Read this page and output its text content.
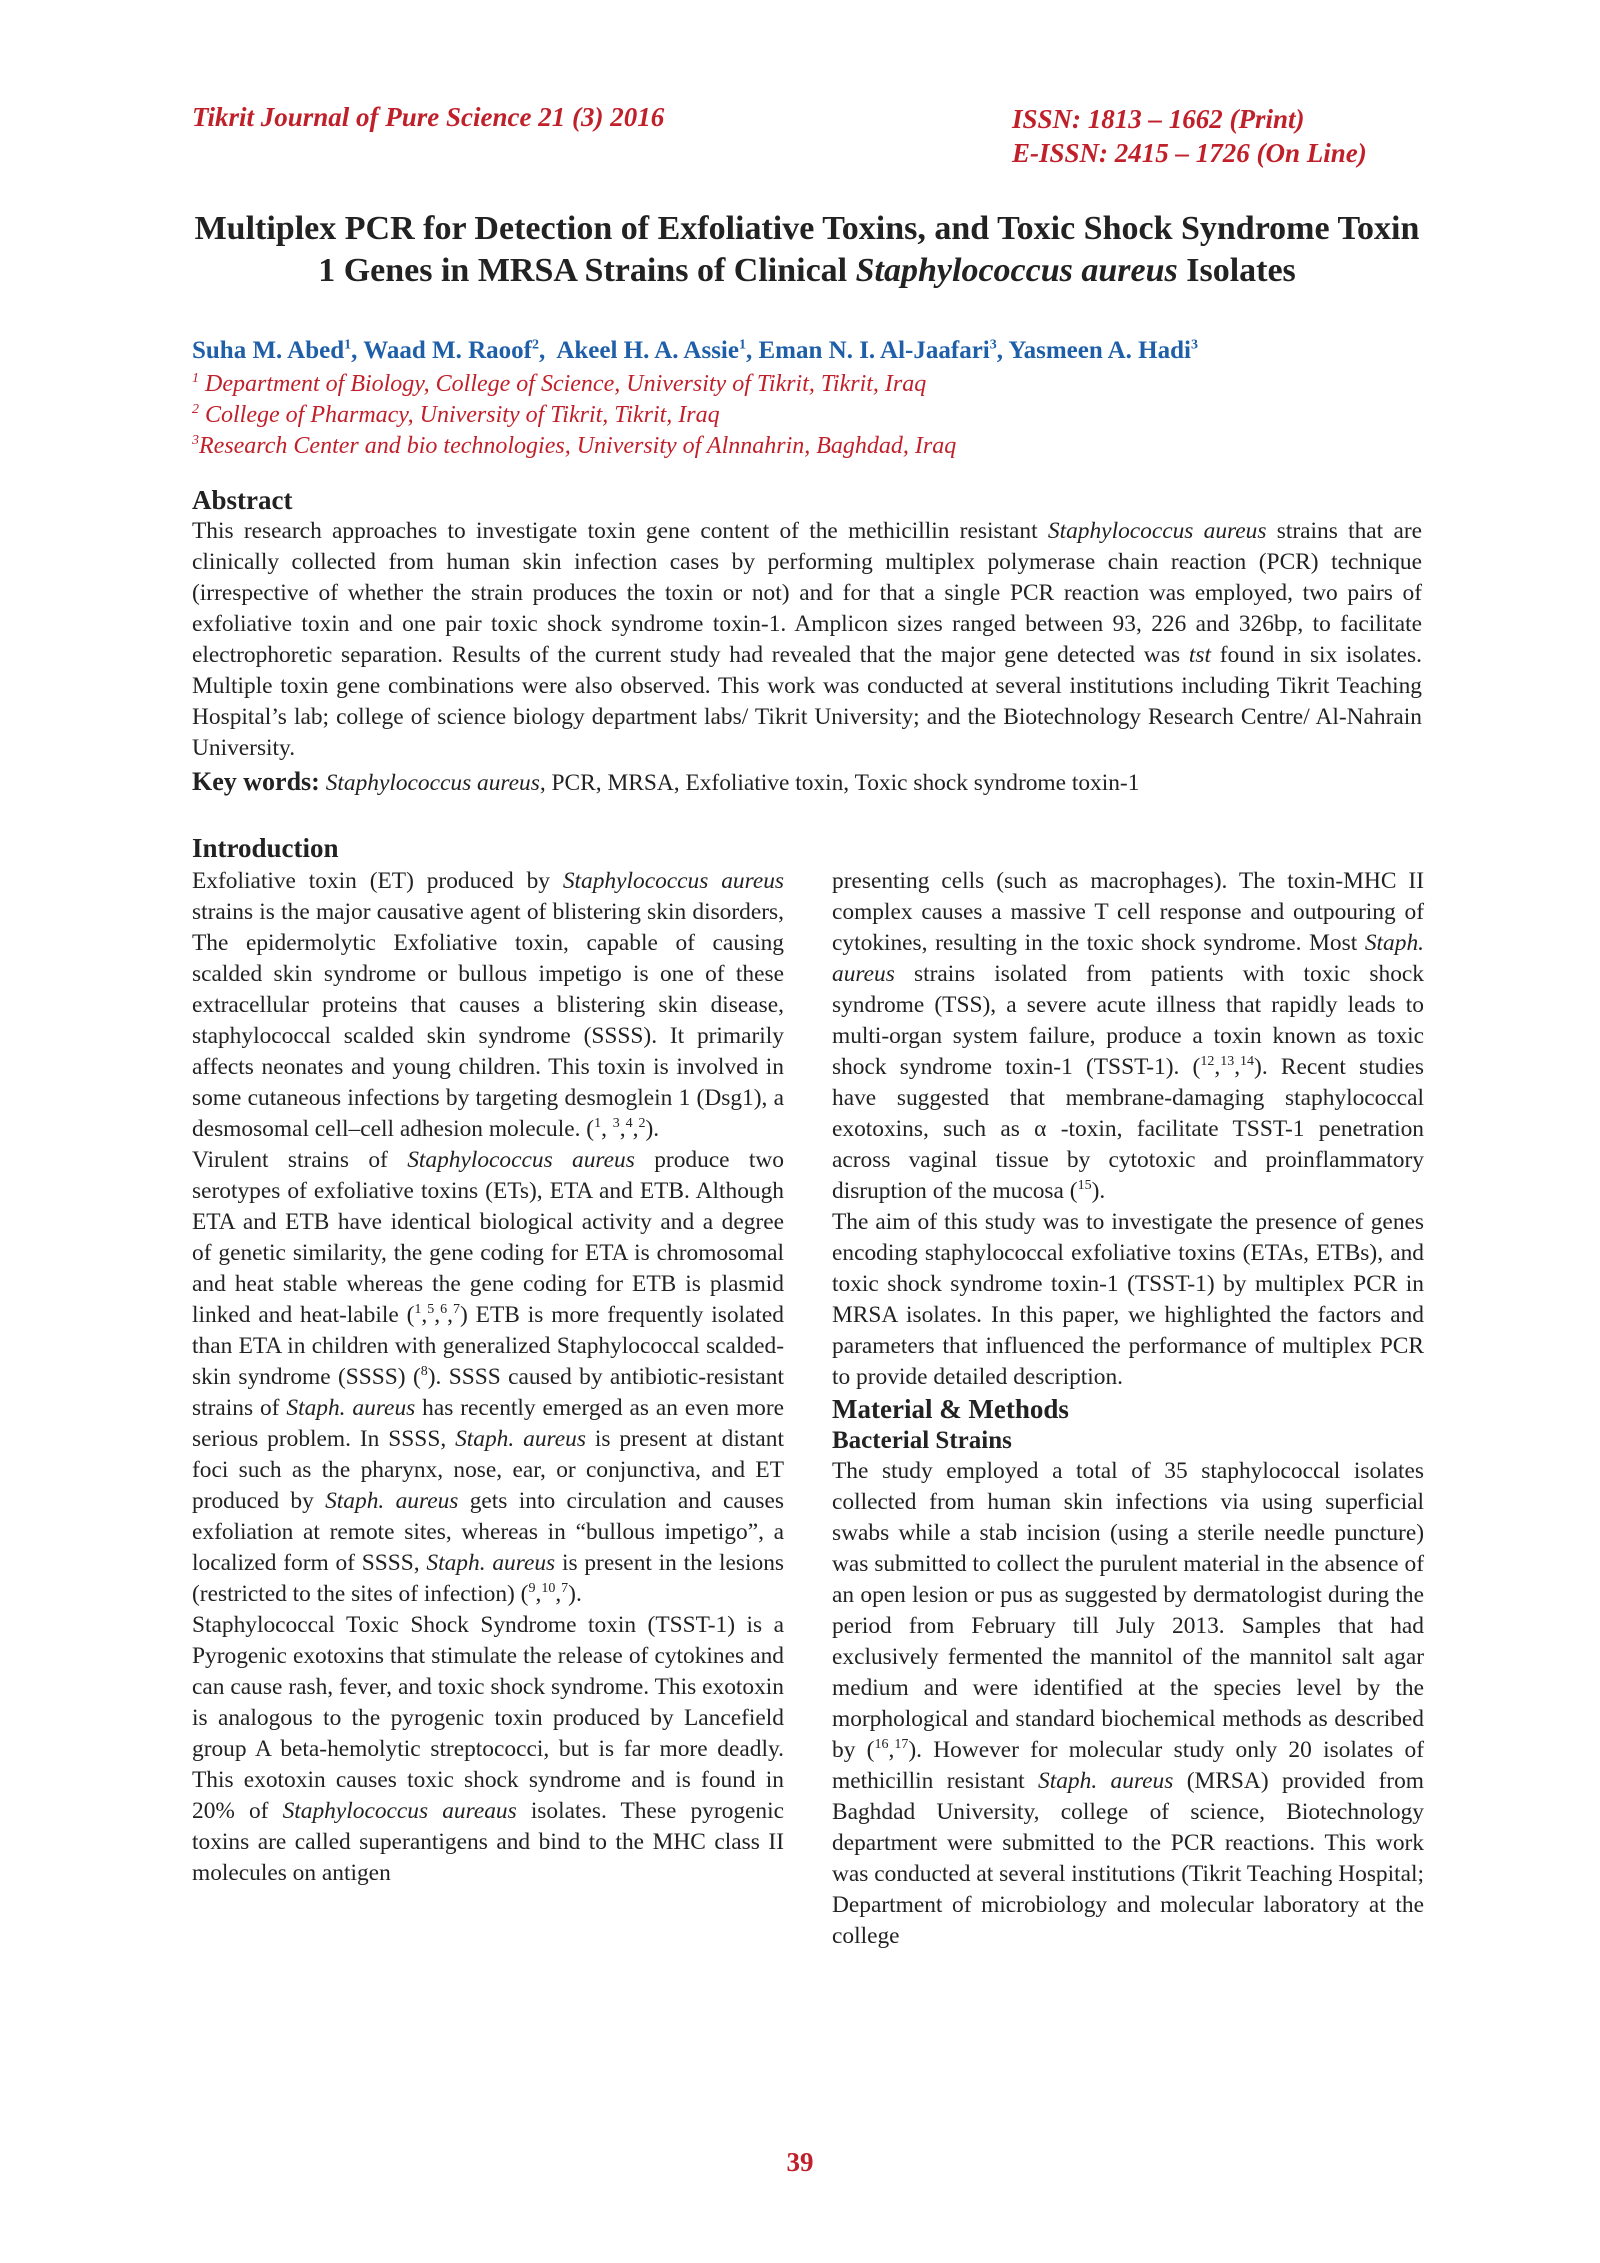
Tikrit Journal of Pure Science 21 (3) 2016	ISSN: 1813 – 1662 (Print)
E-ISSN: 2415 – 1726 (On Line)
Multiplex PCR for Detection of Exfoliative Toxins, and Toxic Shock Syndrome Toxin 1 Genes in MRSA Strains of Clinical Staphylococcus aureus Isolates
Suha M. Abed$^1$, Waad M. Raoof$^2$,  Akeel H. A. Assie$^1$, Eman N. I. Al-Jaafari$^3$, Yasmeen A. Hadi$^3$
$^1$ Department of Biology, College of Science, University of Tikrit, Tikrit, Iraq
$^2$ College of Pharmacy, University of Tikrit, Tikrit, Iraq
$^3$Research Center and bio technologies, University of Alnnahrin, Baghdad, Iraq
Abstract

This research approaches to investigate toxin gene content of the methicillin resistant Staphylococcus aureus strains that are clinically collected from human skin infection cases by performing multiplex polymerase chain reaction (PCR) technique (irrespective of whether the strain produces the toxin or not) and for that a single PCR reaction was employed, two pairs of exfoliative toxin and one pair toxic shock syndrome toxin-1. Amplicon sizes ranged between 93, 226 and 326bp, to facilitate electrophoretic separation. Results of the current study had revealed that the major gene detected was tst found in six isolates. Multiple toxin gene combinations were also observed. This work was conducted at several institutions including Tikrit Teaching Hospital’s lab; college of science biology department labs/ Tikrit University; and the Biotechnology Research Centre/ Al-Nahrain University.

Key words: Staphylococcus aureus, PCR, MRSA, Exfoliative toxin, Toxic shock syndrome toxin-1
Introduction

Exfoliative toxin (ET) produced by Staphylococcus aureus strains is the major causative agent of blistering skin disorders, The epidermolytic Exfoliative toxin, capable of causing scalded skin syndrome or bullous impetigo is one of these extracellular proteins that causes a blistering skin disease, staphylococcal scalded skin syndrome (SSSS). It primarily affects neonates and young children. This toxin is involved in some cutaneous infections by targeting desmoglein 1 (Dsg1), a desmosomal cell–cell adhesion molecule. ($^1$, $^3$,$^4$,$^2$).

Virulent strains of Staphylococcus aureus produce two serotypes of exfoliative toxins (ETs), ETA and ETB. Although ETA and ETB have identical biological activity and a degree of genetic similarity, the gene coding for ETA is chromosomal and heat stable whereas the gene coding for ETB is plasmid linked and heat-labile ($^1$,$^5$,$^6$,$^7$) ETB is more frequently isolated than ETA in children with generalized Staphylococcal scalded-skin syndrome (SSSS) ($^8$). SSSS caused by antibiotic-resistant strains of Staph. aureus has recently emerged as an even more serious problem. In SSSS, Staph. aureus is present at distant foci such as the pharynx, nose, ear, or conjunctiva, and ET produced by Staph. aureus gets into circulation and causes exfoliation at remote sites, whereas in “bullous impetigo”, a localized form of SSSS, Staph. aureus is present in the lesions (restricted to the sites of infection) ($^9$,$^{10}$,$^7$).

Staphylococcal Toxic Shock Syndrome toxin (TSST-1) is a Pyrogenic exotoxins that stimulate the release of cytokines and can cause rash, fever, and toxic shock syndrome. This exotoxin is analogous to the pyrogenic toxin produced by Lancefield group A beta-hemolytic streptococci, but is far more deadly. This exotoxin causes toxic shock syndrome and is found in 20% of Staphylococcus aureaus isolates. These pyrogenic toxins are called superantigens and bind to the MHC class II molecules on antigen

presenting cells (such as macrophages). The toxin-MHC II complex causes a massive T cell response and outpouring of cytokines, resulting in the toxic shock syndrome. Most Staph. aureus strains isolated from patients with toxic shock syndrome (TSS), a severe acute illness that rapidly leads to multi-organ system failure, produce a toxin known as toxic shock syndrome toxin-1 (TSST-1). ($^{12}$,$^{13}$,$^{14}$). Recent studies have suggested that membrane-damaging staphylococcal exotoxins, such as α -toxin, facilitate TSST-1 penetration across vaginal tissue by cytotoxic and proinflammatory disruption of the mucosa ($^{15}$).

The aim of this study was to investigate the presence of genes encoding staphylococcal exfoliative toxins (ETAs, ETBs), and toxic shock syndrome toxin-1 (TSST-1) by multiplex PCR in MRSA isolates. In this paper, we highlighted the factors and parameters that influenced the performance of multiplex PCR to provide detailed description.

Material & Methods
Bacterial Strains

The study employed a total of 35 staphylococcal isolates collected from human skin infections via using superficial swabs while a stab incision (using a sterile needle puncture) was submitted to collect the purulent material in the absence of an open lesion or pus as suggested by dermatologist during the period from February till July 2013. Samples that had exclusively fermented the mannitol of the mannitol salt agar medium and were identified at the species level by the morphological and standard biochemical methods as described by ($^{16}$,$^{17}$). However for molecular study only 20 isolates of methicillin resistant Staph. aureus (MRSA) provided from Baghdad University, college of science, Biotechnology department were submitted to the PCR reactions. This work was conducted at several institutions (Tikrit Teaching Hospital; Department of microbiology and molecular laboratory at the college

39
